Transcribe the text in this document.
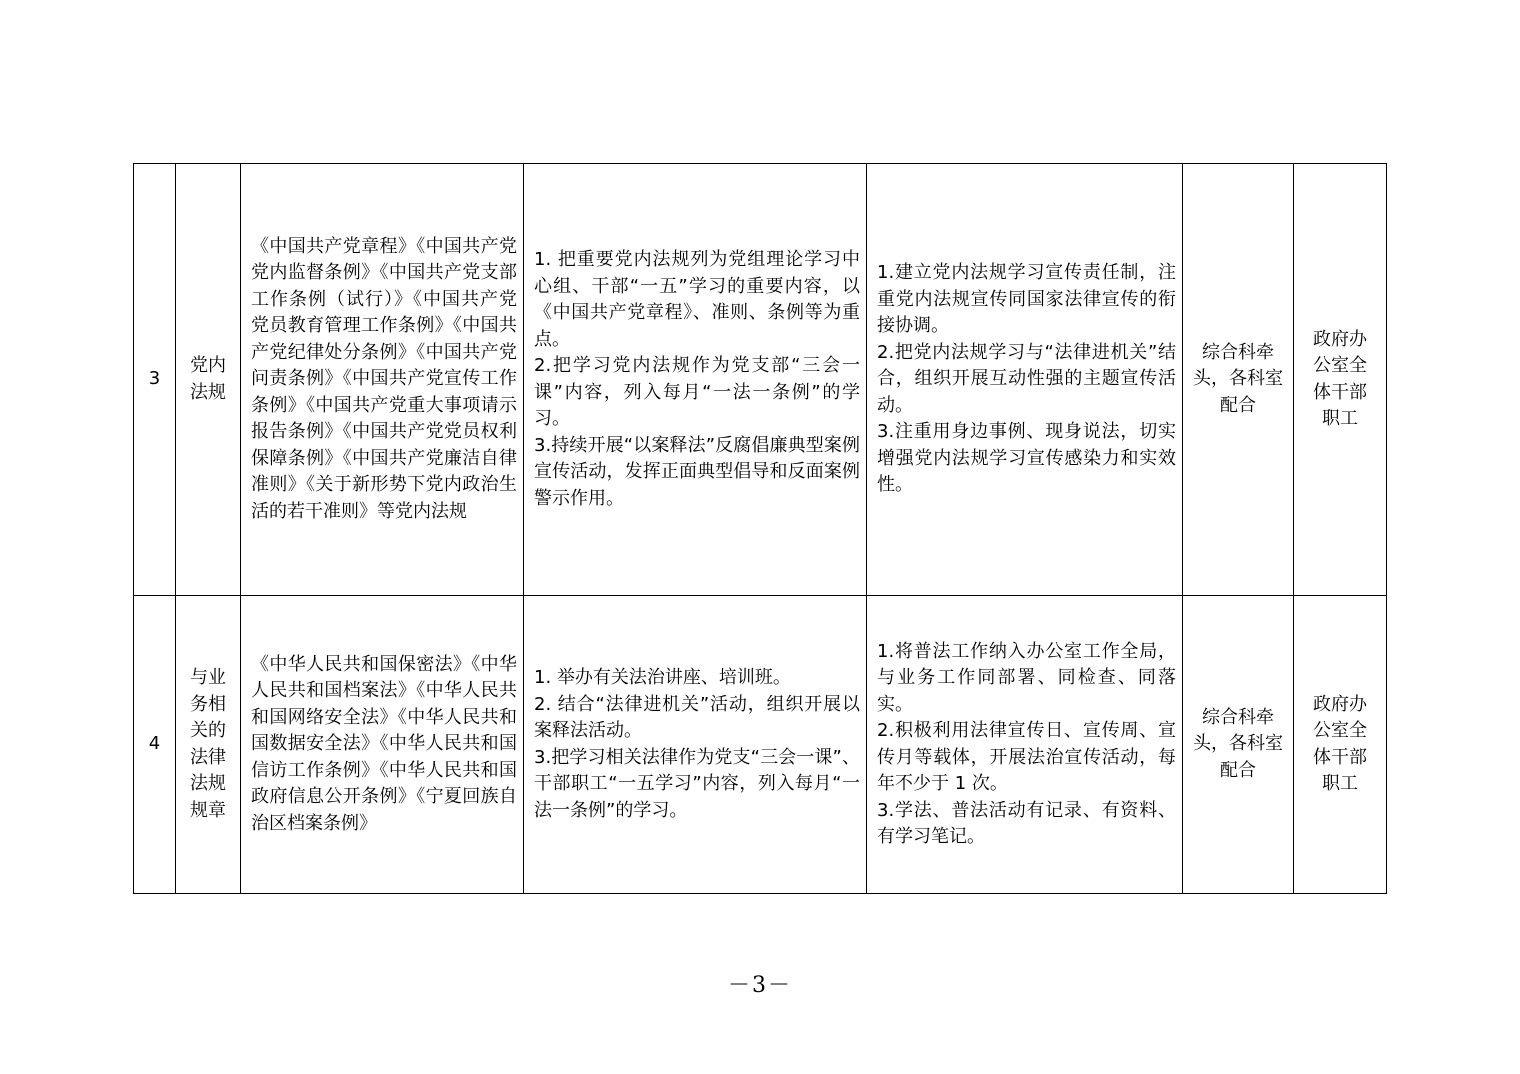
3	党内法规	《中国共产党章程》《中国共产党党内监督条例》《中国共产党支部工作条例（试行）》《中国共产党党员教育管理工作条例》《中国共产党纪律处分条例》《中国共产党问责条例》《中国共产党宣传工作条例》《中国共产党重大事项请示报告条例》《中国共产党党员权利保障条例》《中国共产党廉洁自律准则》《关于新形势下党内政治生活的若干准则》等党内法规	1. 把重要党内法规列为党组理论学习中心组、干部“一五”学习的重要内容，以《中国共产党章程》、准则、条例等为重点。
2.把学习党内法规作为党支部“三会一课”内容，列入每月“一法一条例”的学习。
3.持续开展“以案释法”反腐倡廉典型案例宣传活动，发挥正面典型倡导和反面案例警示作用。	1.建立党内法规学习宣传责任制，注重党内法规宣传同国家法律宣传的衔接协调。
2.把党内法规学习与“法律进机关”结合，组织开展互动性强的主题宣传活动。
3.注重用身边事例、现身说法，切实增强党内法规学习宣传感染力和实效性。	综合科牵头，各科室配合	政府办公室全体干部职工

4	与业务相关的法律法规规章	《中华人民共和国保密法》《中华人民共和国档案法》《中华人民共和国网络安全法》《中华人民共和国数据安全法》《中华人民共和国信访工作条例》《中华人民共和国政府信息公开条例》《宁夏回族自治区档案条例》	1. 举办有关法治讲座、培训班。
2. 结合“法律进机关”活动，组织开展以案释法活动。
3.把学习相关法律作为党支“三会一课”、干部职工“一五学习”内容，列入每月“一法一条例”的学习。	1.将普法工作纳入办公室工作全局，与业务工作同部署、同检查、同落实。
2.积极利用法律宣传日、宣传周、宣传月等载体，开展法治宣传活动，每年不少于 1 次。
3.学法、普法活动有记录、有资料、有学习笔记。	综合科牵头，各科室配合	政府办公室全体干部职工
－3－
